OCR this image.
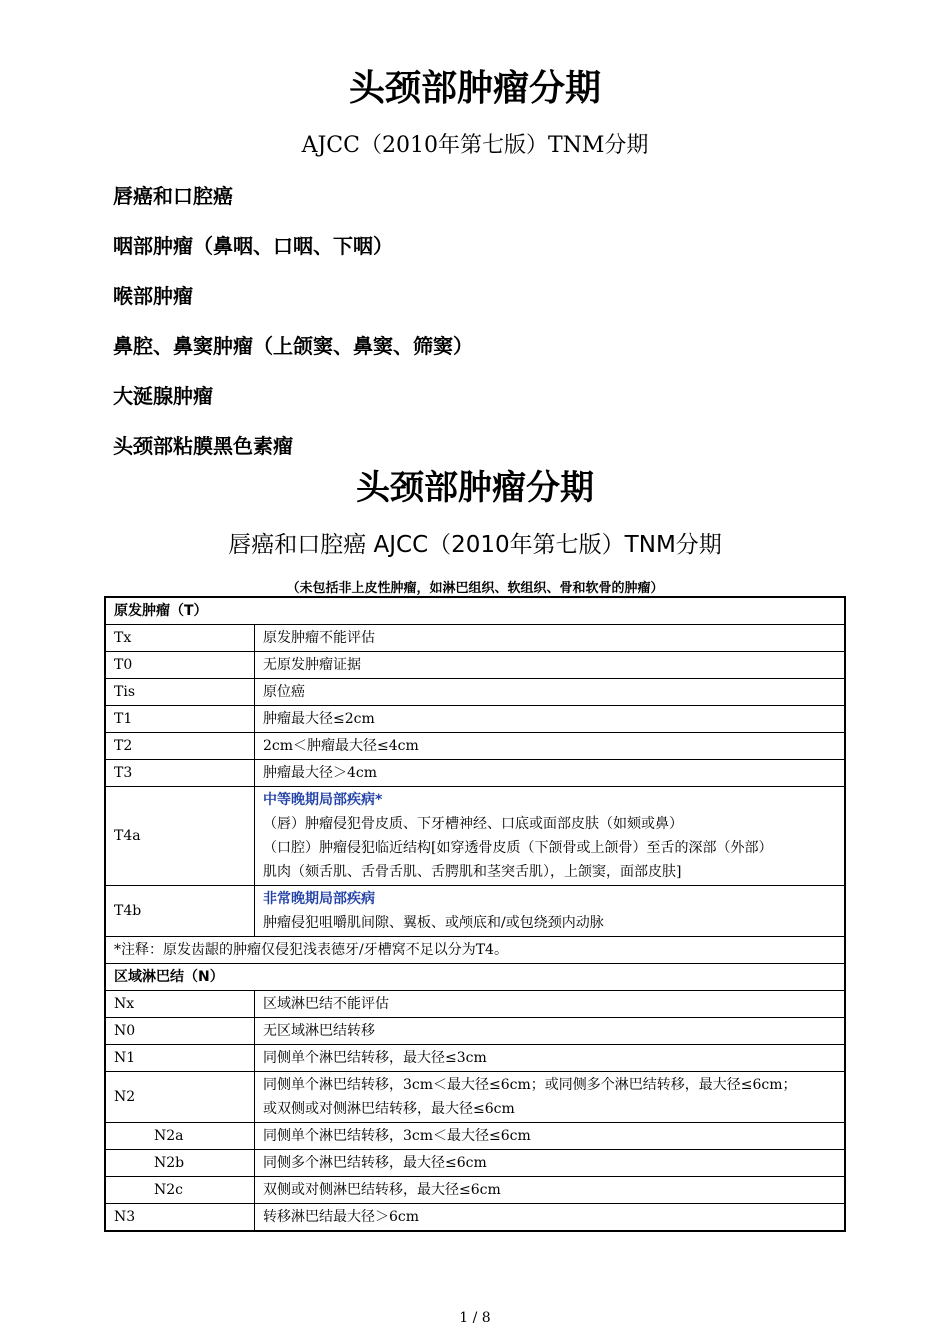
头颈部肿瘤分期
AJCC（2010年第七版）TNM分期
唇癌和口腔癌
咽部肿瘤（鼻咽、口咽、下咽）
喉部肿瘤
鼻腔、鼻窦肿瘤（上颌窦、鼻窦、筛窦）
大涎腺肿瘤
头颈部粘膜黑色素瘤
头颈部肿瘤分期
唇癌和口腔癌 AJCC（2010年第七版）TNM分期
（未包括非上皮性肿瘤，如淋巴组织、软组织、骨和软骨的肿瘤）
原发肿瘤（T）	
Tx	原发肿瘤不能评估
T0	无原发肿瘤证据
Tis	原位癌
T1	肿瘤最大径≤2cm
T2	2cm＜肿瘤最大径≤4cm
T3	肿瘤最大径＞4cm
T4a	中等晚期局部疾病*
（唇）肿瘤侵犯骨皮质、下牙槽神经、口底或面部皮肤（如颏或鼻）
（口腔）肿瘤侵犯临近结构[如穿透骨皮质（下颌骨或上颌骨）至舌的深部（外部）
肌肉（颏舌肌、舌骨舌肌、舌腭肌和茎突舌肌），上颌窦，面部皮肤]

T4b	非常晚期局部疾病
肿瘤侵犯咀嚼肌间隙、翼板、或颅底和/或包绕颈内动脉

*注释：原发齿龈的肿瘤仅侵犯浅表德牙/牙槽窝不足以分为T4。	
区域淋巴结（N）	
Nx	区域淋巴结不能评估
N0	无区域淋巴结转移
N1	同侧单个淋巴结转移，最大径≤3cm
N2	同侧单个淋巴结转移，3cm＜最大径≤6cm；或同侧多个淋巴结转移，最大径≤6cm；
或双侧或对侧淋巴结转移，最大径≤6cm

N2a	同侧单个淋巴结转移，3cm＜最大径≤6cm
N2b	同侧多个淋巴结转移，最大径≤6cm
N2c	双侧或对侧淋巴结转移，最大径≤6cm
N3	转移淋巴结最大径＞6cm
1 / 8
